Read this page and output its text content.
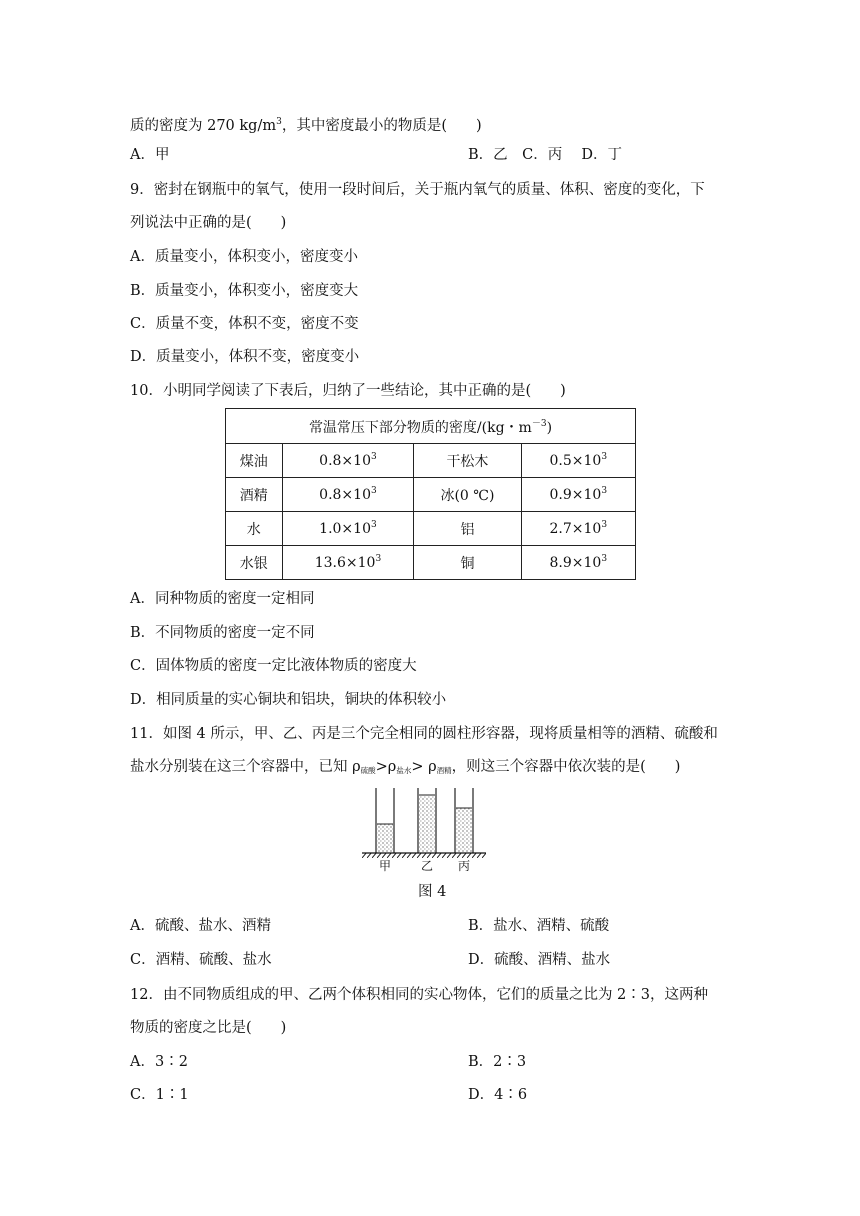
质的密度为 270 $kg/m^3$，其中密度最小的物质是(　　)
A．甲	B．乙　C．丙　 D．丁
9．密封在钢瓶中的氧气，使用一段时间后，关于瓶内氧气的质量、体积、密度的变化，下
列说法中正确的是(　　)
A．质量变小，体积变小，密度变小
B．质量变小，体积变小，密度变大
C．质量不变，体积不变，密度不变
D．质量变小，体积不变，密度变小
10．小明同学阅读了下表后，归纳了一些结论，其中正确的是(　　)
常温常压下部分物质的密度/(kg・$m^{-3}$)			
煤油	$0.8\times 10^3$	干松木	$0.5\times 10^3$
酒精	$0.8\times 10^3$	冰(0 ℃)	$0.9\times 10^3$
水	$1.0\times 10^3$	铝	$2.7\times 10^3$
水银	$13.6\times 10^3$	铜	$8.9\times 10^3$
A．同种物质的密度一定相同
B．不同物质的密度一定不同
C．固体物质的密度一定比液体物质的密度大
D．相同质量的实心铜块和铝块，铜块的体积较小
11．如图 4 所示，甲、乙、丙是三个完全相同的圆柱形容器，现将质量相等的酒精、硫酸和
盐水分别装在这三个容器中，已知 $\rho_{硫酸}>\rho_{盐水}> \rho_{酒精}$，则这三个容器中依次装的是(　　)
甲 乙 丙
图 4
A．硫酸、盐水、酒精	B．盐水、酒精、硫酸
C．酒精、硫酸、盐水	D．硫酸、酒精、盐水
12．由不同物质组成的甲、乙两个体积相同的实心物体，它们的质量之比为 2∶3，这两种
物质的密度之比是(　　)
A．3∶2	B．2∶3
C．1∶1	D．4∶6
